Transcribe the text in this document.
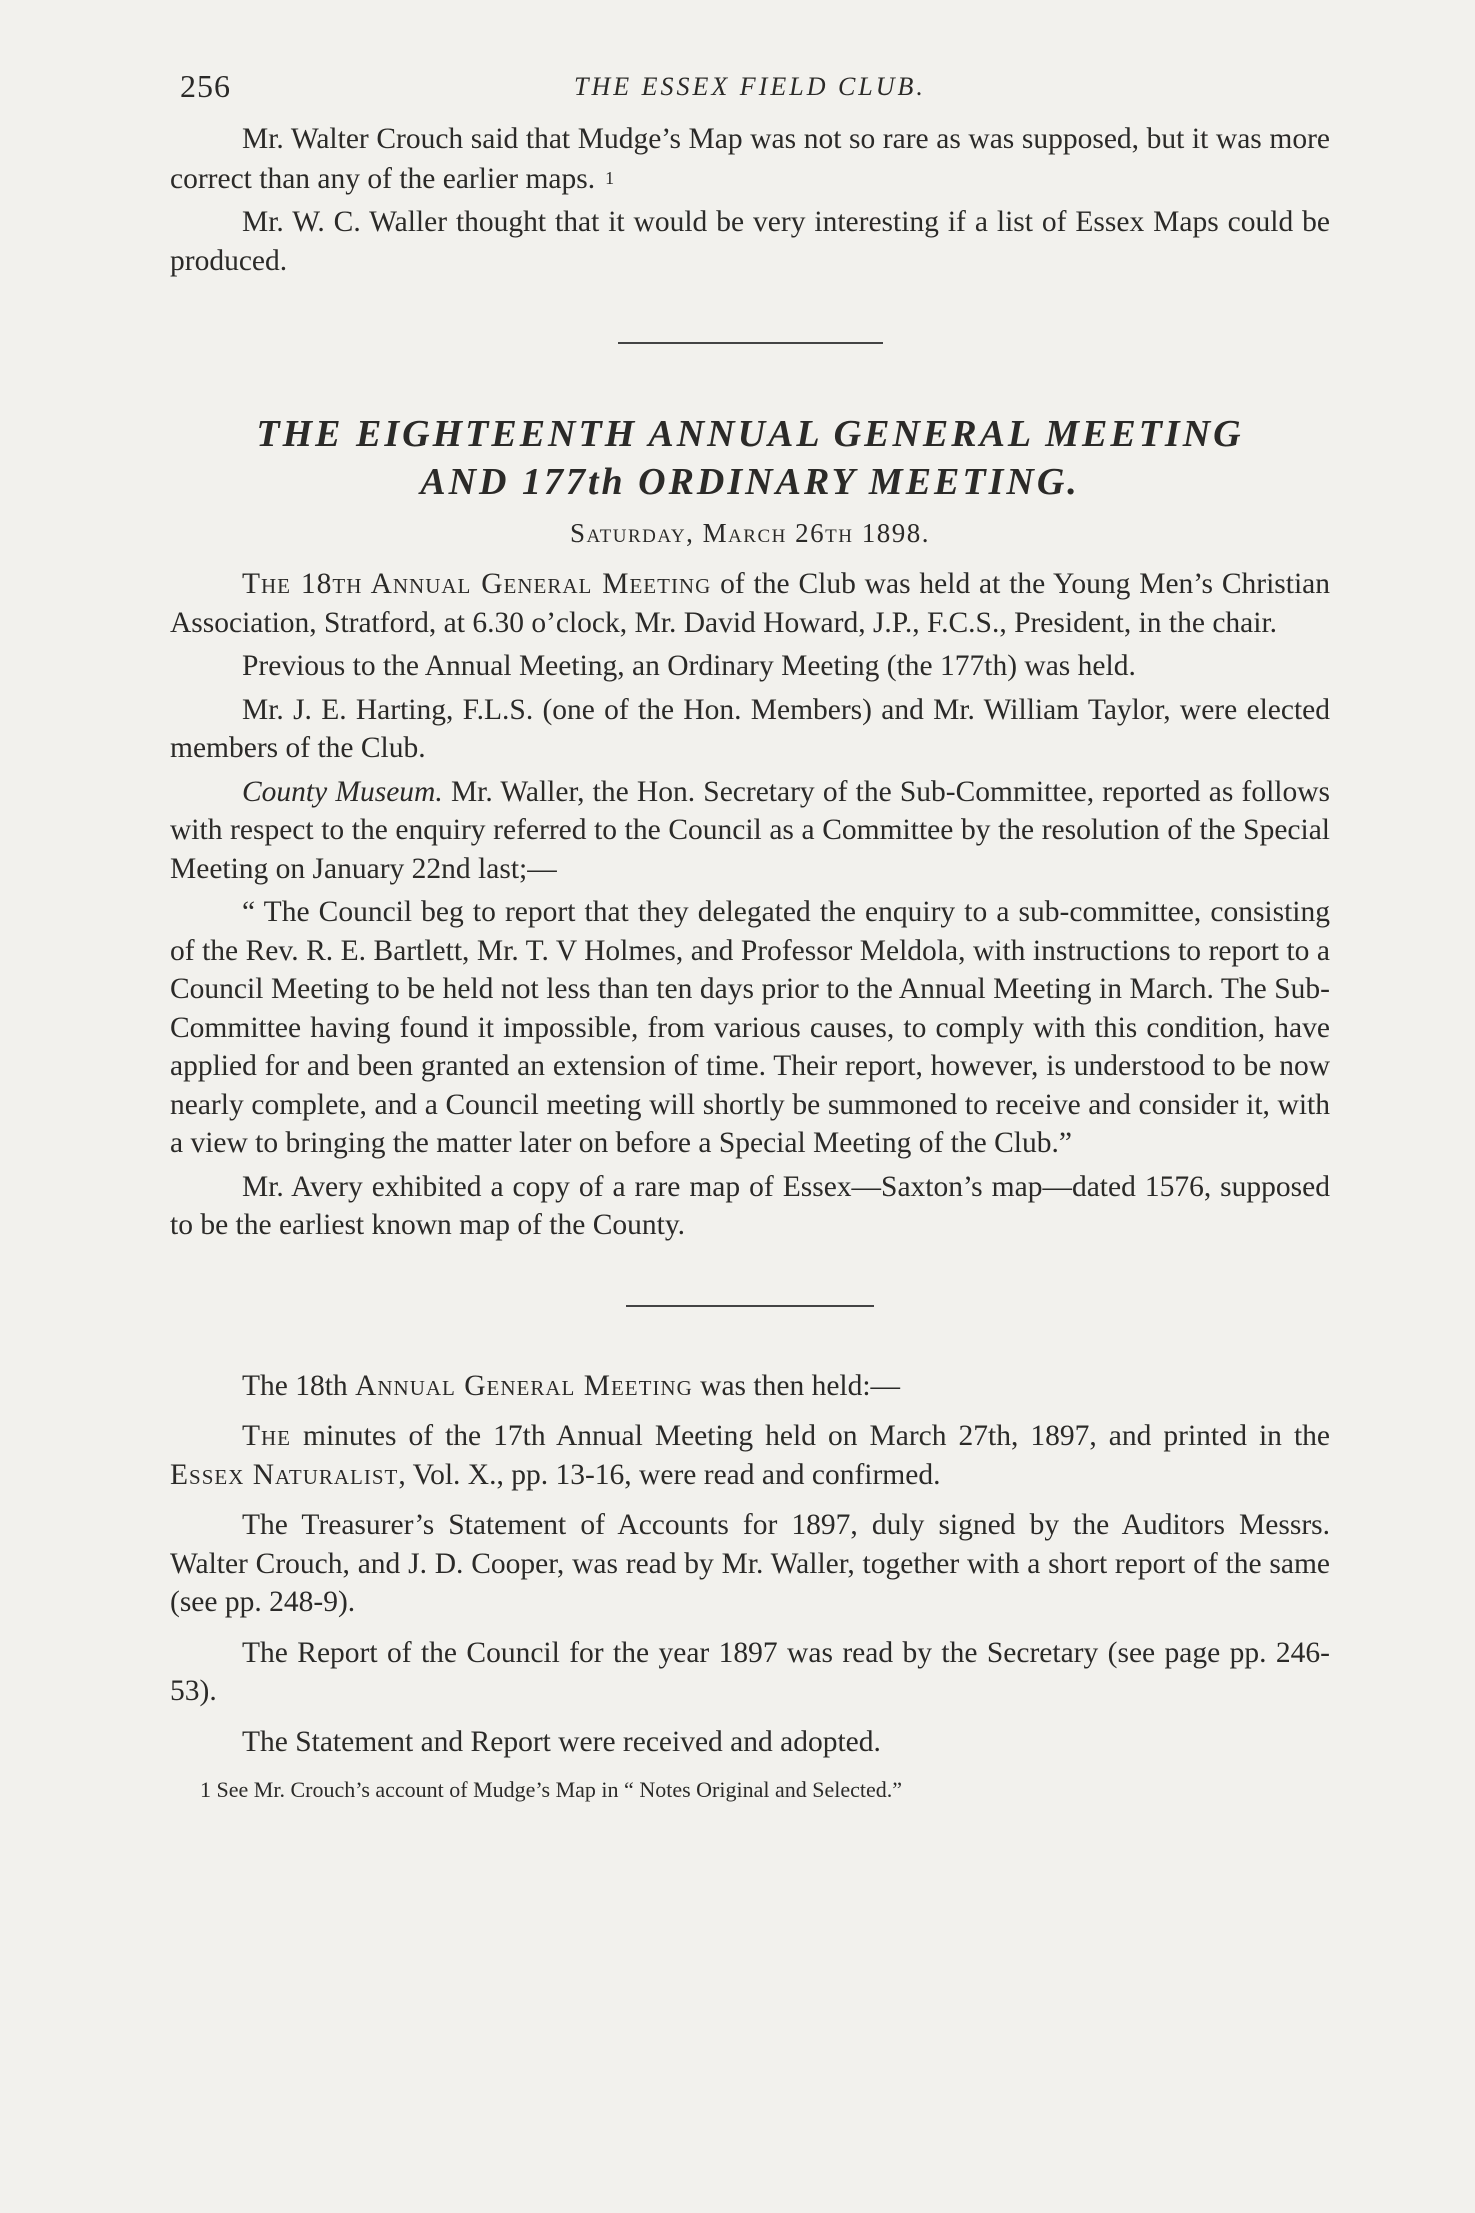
256	THE ESSEX FIELD CLUB.

Mr. Walter Crouch said that Mudge’s Map was not so rare as was supposed, but it was more correct than any of the earlier maps. $^1$

Mr. W. C. Waller thought that it would be very interesting if a list of Essex Maps could be produced.

THE EIGHTEENTH ANNUAL GENERAL MEETING
AND 177th ORDINARY MEETING.
Saturday, March 26th 1898.

The 18th Annual General Meeting of the Club was held at the Young Men’s Christian Association, Stratford, at 6.30 o’clock, Mr. David Howard, J.P., F.C.S., President, in the chair.

Previous to the Annual Meeting, an Ordinary Meeting (the 177th) was held.

Mr. J. E. Harting, F.L.S. (one of the Hon. Members) and Mr. William Taylor, were elected members of the Club.

County Museum. Mr. Waller, the Hon. Secretary of the Sub-Committee, reported as follows with respect to the enquiry referred to the Council as a Committee by the resolution of the Special Meeting on January 22nd last;—

“ The Council beg to report that they delegated the enquiry to a sub-committee, consisting of the Rev. R. E. Bartlett, Mr. T. V Holmes, and Professor Meldola, with instructions to report to a Council Meeting to be held not less than ten days prior to the Annual Meeting in March. The Sub-Committee having found it impossible, from various causes, to comply with this condition, have applied for and been granted an extension of time. Their report, however, is understood to be now nearly complete, and a Council meeting will shortly be summoned to receive and consider it, with a view to bringing the matter later on before a Special Meeting of the Club.”

Mr. Avery exhibited a copy of a rare map of Essex—Saxton’s map—dated 1576, supposed to be the earliest known map of the County.

The 18th Annual General Meeting was then held:—

The minutes of the 17th Annual Meeting held on March 27th, 1897, and printed in the Essex Naturalist, Vol. X., pp. 13-16, were read and confirmed.

The Treasurer’s Statement of Accounts for 1897, duly signed by the Auditors Messrs. Walter Crouch, and J. D. Cooper, was read by Mr. Waller, together with a short report of the same (see pp. 248-9).

The Report of the Council for the year 1897 was read by the Secretary (see page pp. 246-53).

The Statement and Report were received and adopted.

1 See Mr. Crouch’s account of Mudge’s Map in “ Notes Original and Selected.”
